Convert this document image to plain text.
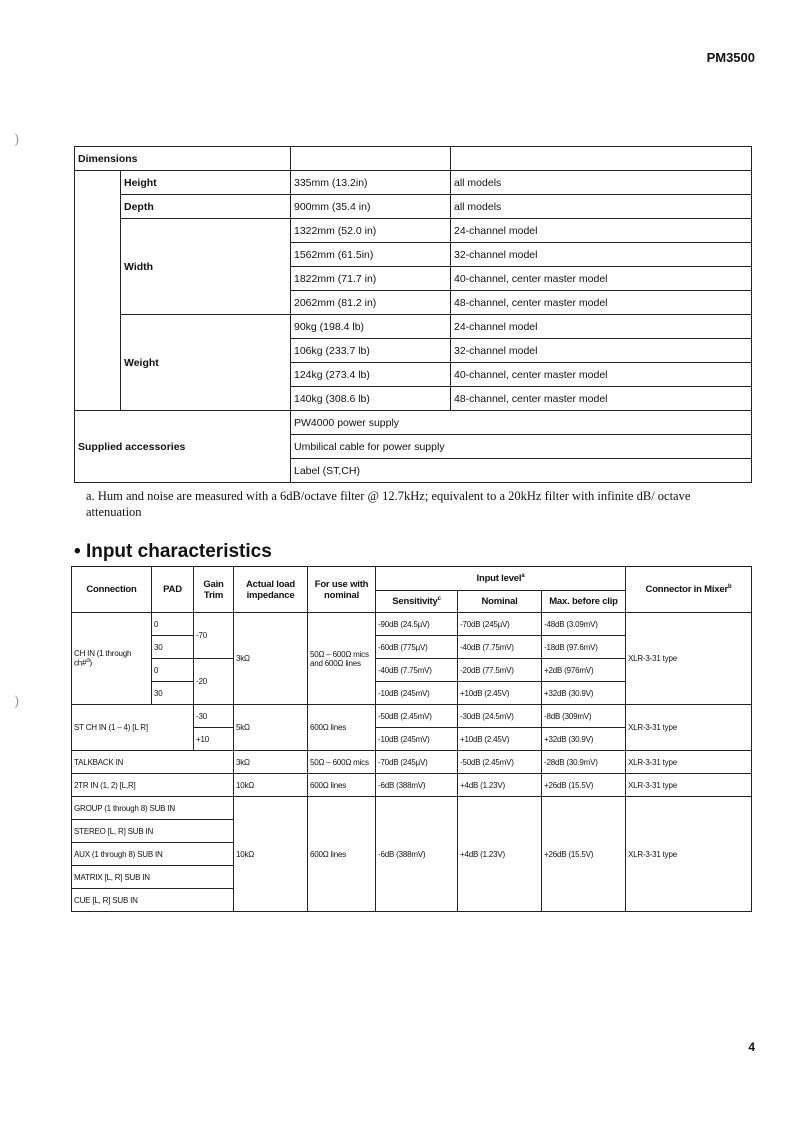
PM3500
)
)
Dimensions			
	Height	335mm (13.2in)	all models
	Depth	900mm (35.4 in)	all models
	Width	1322mm (52.0 in)	24-channel model
		1562mm (61.5in)	32-channel model
		1822mm (71.7 in)	40-channel, center master model
		2062mm (81.2 in)	48-channel, center master model
	Weight	90kg (198.4 lb)	24-channel model
		106kg (233.7 lb)	32-channel model
		124kg (273.4 lb)	40-channel, center master model
		140kg (308.6 lb)	48-channel, center master model
Supplied accessories		PW4000 power supply	
		Umbilical cable for power supply	
		Label (ST,CH)	
a. Hum and noise are measured with a 6dB/octave filter @ 12.7kHz; equivalent to a 20kHz filter with infinite dB/ octave attenuation
• Input characteristics
Connection	PAD	Gain Trim	Actual load impedance	For use with nominal	Input level$^a$			Connector in Mixer$^b$
					Sensitivity$^c$	Nominal	Max. before clip	
CH IN (1 through ch#$^d$)	0	-70	3kΩ	50Ω – 600Ω mics and 600Ω lines	-90dB (24.5µV)	-70dB (245µV)	-48dB (3.09mV)	XLR-3-31 type
	30				-60dB (775µV)	-40dB (7.75mV)	-18dB (97.6mV)	
	0	-20			-40dB (7.75mV)	-20dB (77.5mV)	+2dB (976mV)	
	30				-10dB (245mV)	+10dB (2.45V)	+32dB (30.9V)	
ST CH IN (1 – 4) [L R]		-30	5kΩ	600Ω lines	-50dB (2.45mV)	-30dB (24.5mV)	-8dB (309mV)	XLR-3-31 type
		+10			-10dB (245mV)	+10dB (2.45V)	+32dB (30.9V)	
TALKBACK IN			3kΩ	50Ω – 600Ω mics	-70dB (245µV)	-50dB (2.45mV)	-28dB (30.9mV)	XLR-3-31 type
2TR IN (1, 2) [L,R]			10kΩ	600Ω lines	-6dB (388mV)	+4dB (1.23V)	+26dB (15.5V)	XLR-3-31 type
GROUP (1 through 8) SUB IN			10kΩ	600Ω lines	-6dB (388mV)	+4dB (1.23V)	+26dB (15.5V)	XLR-3-31 type
STEREO [L, R] SUB IN								
AUX (1 through 8) SUB IN								
MATRIX [L, R] SUB IN								
CUE [L, R] SUB IN								
4
